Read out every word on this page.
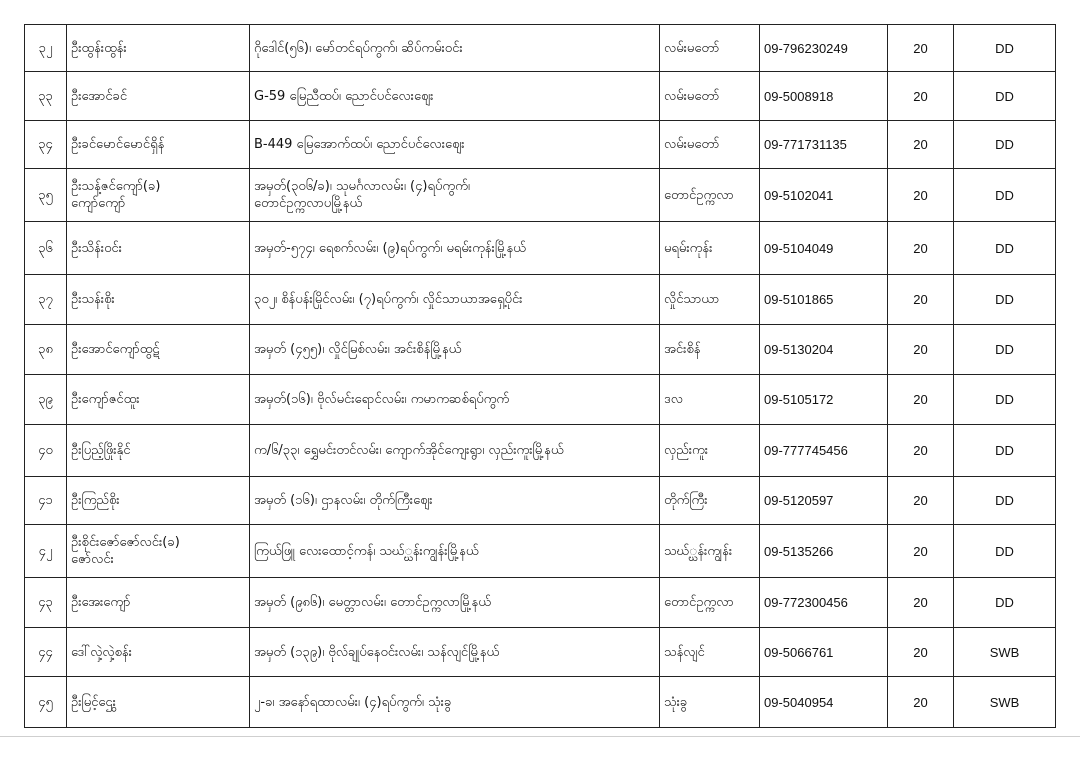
၃၂	ဦးထွန်းထွန်း	ဂိုဒေါင်(၅၆)၊ မော်တင်ရပ်ကွက်၊ ဆိပ်ကမ်းဝင်း	လမ်းမတော်	09-796230249	20	DD
၃၃	ဦးအောင်ခင်	G-59 မြေညီထပ်၊ ညောင်ပင်လေးဈေး	လမ်းမတော်	09-5008918	20	DD
၃၄	ဦးခင်မောင်မောင်ရှိန်	B-449 မြေအောက်ထပ်၊ ညောင်ပင်လေးဈေး	လမ်းမတော်	09-771731135	20	DD
၃၅	ဦးသန့်ဇင်ကျော်(ခ)
ကျော်ကျော်	အမှတ်(၃၀၆/ခ)၊ သုမင်္ဂလာလမ်း၊ (၄)ရပ်ကွက်၊
တောင်ဥက္ကလာပမြို့နယ်	တောင်ဥက္ကလာ	09-5102041	20	DD
၃၆	ဦးသိန်းဝင်း	အမှတ်-၅၇၄၊ ရေစက်လမ်း၊ (၉)ရပ်ကွက်၊ မရမ်းကုန်းမြို့နယ်	မရမ်းကုန်း	09-5104049	20	DD
၃၇	ဦးသန်းစိုး	၃၀၂၊ စိန်ပန်းမြိုင်လမ်း၊ (၇)ရပ်ကွက်၊ လှိုင်သာယာအရှေ့ပိုင်း	လှိုင်သာယာ	09-5101865	20	DD
၃၈	ဦးအောင်ကျော်ထွဋ်	အမှတ် (၄၅၅)၊ လှိုင်မြစ်လမ်း၊ အင်းစိန်မြို့နယ်	အင်းစိန်	09-5130204	20	DD
၃၉	ဦးကျော်ဇင်ထူး	အမှတ်(၁၆)၊ ဗိုလ်မင်းရောင်လမ်း၊ ကမာကဆစ်ရပ်ကွက်	ဒလ	09-5105172	20	DD
၄၀	ဦးပြည့်ဖြိုးနိုင်	က/၆/၃၃၊ ရွှေမင်းတင်လမ်း၊ ကျောက်အိုင်ကျေးရွာ၊ လှည်းကူးမြို့နယ်	လှည်းကူး	09-777745456	20	DD
၄၁	ဦးကြည်စိုး	အမှတ် (၁၆)၊ ဌာနလမ်း၊ တိုက်ကြီးဈေး	တိုက်ကြီး	09-5120597	20	DD
၄၂	ဦးစိုင်းဇော်ဇော်လင်း(ခ)
ဇော်လင်း	ကြယ်ဖြူ လေးထောင့်ကန်၊ သဃ်္ဃန်းကျွန်းမြို့နယ်	သဃ်္ဃန်းကျွန်း	09-5135266	20	DD
၄၃	ဦးအေးကျော်	အမှတ် (၉၈၆)၊ မေတ္တာလမ်း၊ တောင်ဥက္ကလာမြို့နယ်	တောင်ဥက္ကလာ	09-772300456	20	DD
၄၄	ဒေါ်လှဲ့လှဲ့စန်း	အမှတ် (၁၃၉)၊ ဗိုလ်ချုပ်နေဝင်းလမ်း၊ သန်လျင်မြို့နယ်	သန်လျင်	09-5066761	20	SWB
၄၅	ဦးမြင့်ဌွေး	၂-ခ၊ အနော်ရထာလမ်း၊ (၄)ရပ်ကွက်၊ သုံးခွ	သုံးခွ	09-5040954	20	SWB
